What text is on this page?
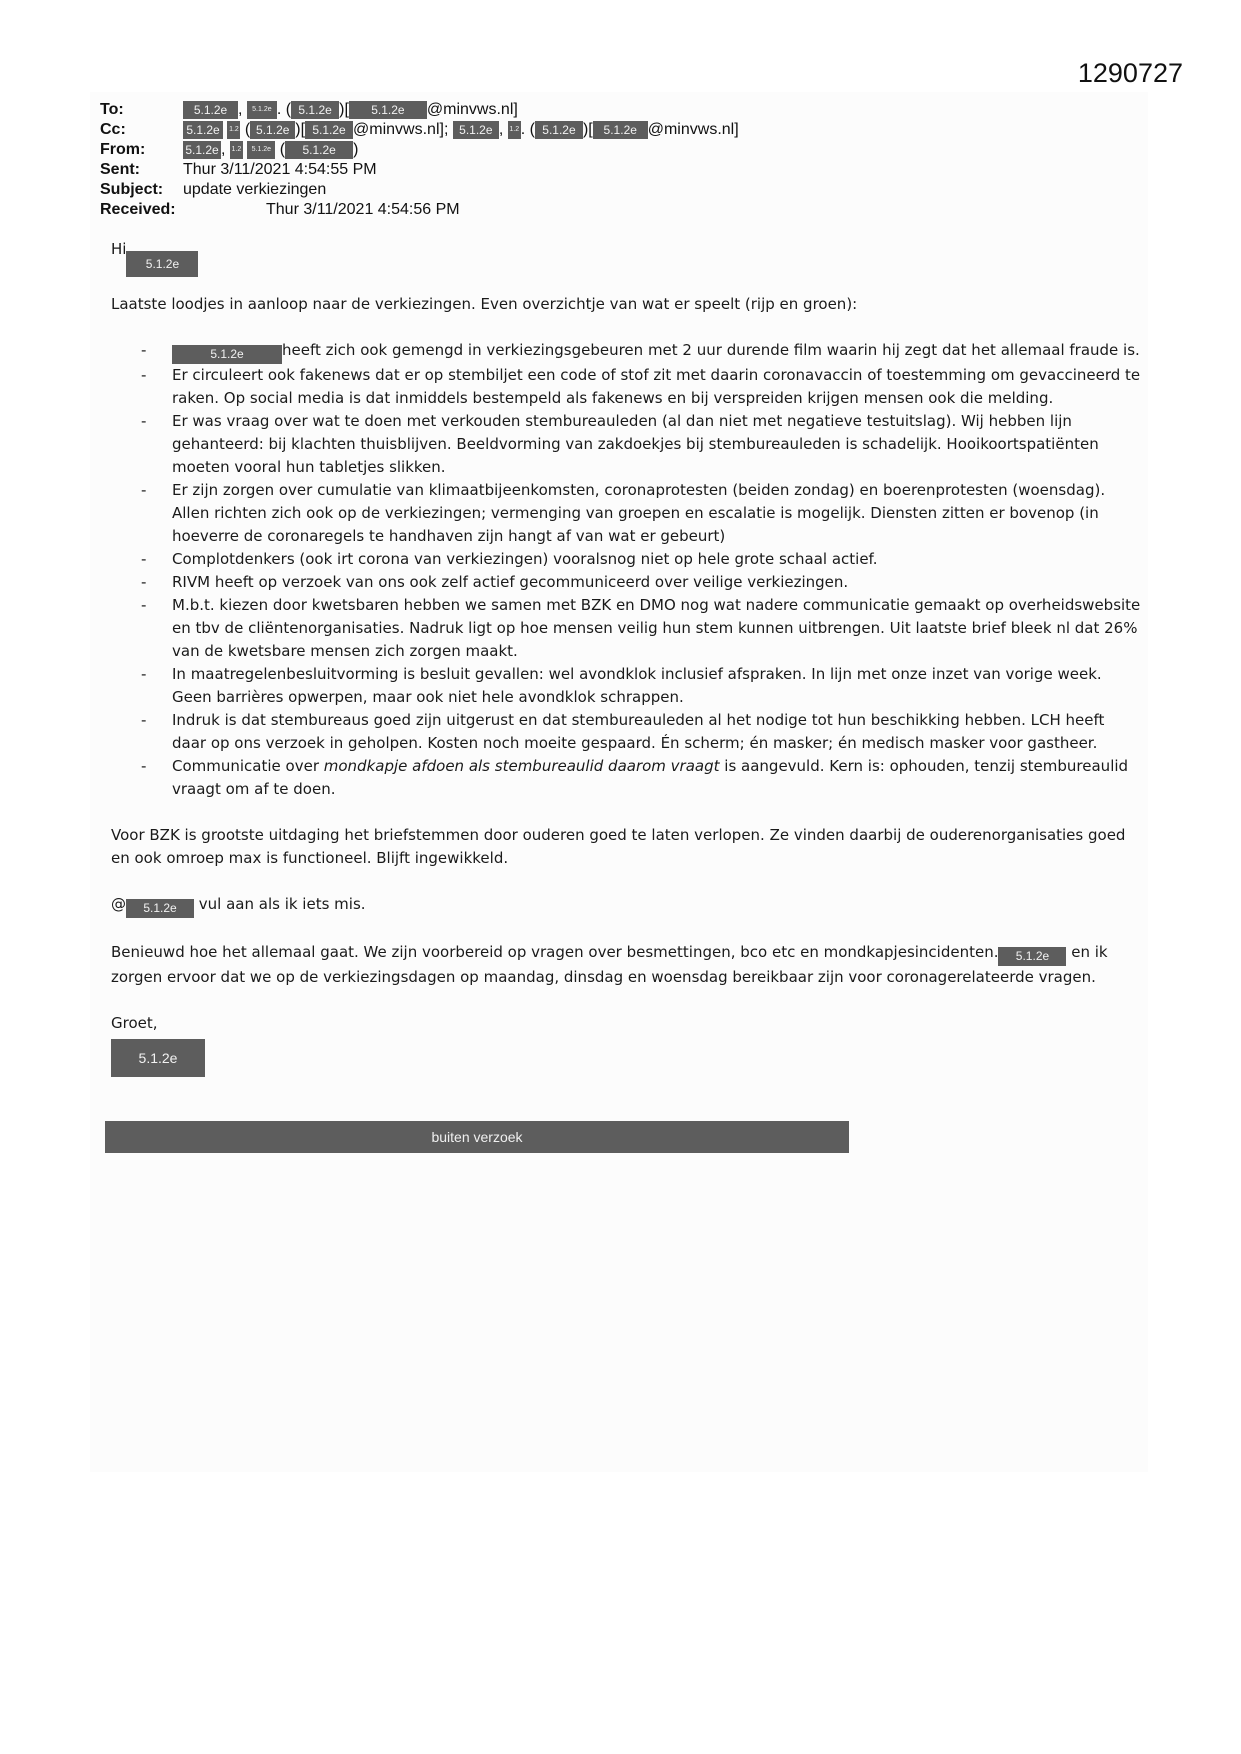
1290727
To:	5.1.2e , 5.1.2e . ( 5.1.2e )[	5.1.2e	@minvws.nl]
Cc:	5.1.2e
	1.2 ( 5.1.2e )[ 5.1.2e @minvws.nl];
5.1.2e , 1.2 . ( 5.1.2e )[ 5.1.2e @minvws.nl]
From:	5.1.2e , 1.2
	5.1.2e (	5.1.2e	)
Sent:	Thur 3/11/2021 4:54:55 PM
Subject:	update verkiezingen
Received:	Thur 3/11/2021 4:54:56 PM

Hi5.1.2e

Laatste loodjes in aanloop naar de verkiezingen. Even overzichtje van wat er speelt (rijp en groen):

- 5.1.2e	heeft zich ook gemengd in verkiezingsgebeuren met 2 uur durende film waarin hij zegt dat het allemaal fraude is.
- Er circuleert ook fakenews dat er op stembiljet een code of stof zit met daarin coronavaccin of toestemming om gevaccineerd te raken. Op social media is dat inmiddels bestempeld als fakenews en bij verspreiden krijgen mensen ook die melding.
- Er was vraag over wat te doen met verkouden stembureauleden (al dan niet met negatieve testuitslag). Wij hebben lijn gehanteerd: bij klachten thuisblijven. Beeldvorming van zakdoekjes bij stembureauleden is schadelijk. Hooikoortspatiënten moeten vooral hun tabletjes slikken.
- Er zijn zorgen over cumulatie van klimaatbijeenkomsten, coronaprotesten (beiden zondag) en boerenprotesten (woensdag). Allen richten zich ook op de verkiezingen; vermenging van groepen en escalatie is mogelijk. Diensten zitten er bovenop (in hoeverre de coronaregels te handhaven zijn hangt af van wat er gebeurt)
- Complotdenkers (ook irt corona van verkiezingen) vooralsnog niet op hele grote schaal actief.
- RIVM heeft op verzoek van ons ook zelf actief gecommuniceerd over veilige verkiezingen.
- M.b.t. kiezen door kwetsbaren hebben we samen met BZK en DMO nog wat nadere communicatie gemaakt op overheidswebsite en tbv de cliëntenorganisaties. Nadruk ligt op hoe mensen veilig hun stem kunnen uitbrengen. Uit laatste brief bleek nl dat 26% van de kwetsbare mensen zich zorgen maakt.
- In maatregelenbesluitvorming is besluit gevallen: wel avondklok inclusief afspraken. In lijn met onze inzet van vorige week. Geen barrières opwerpen, maar ook niet hele avondklok schrappen.
- Indruk is dat stembureaus goed zijn uitgerust en dat stembureauleden al het nodige tot hun beschikking hebben. LCH heeft daar op ons verzoek in geholpen. Kosten noch moeite gespaard. Én scherm; én masker; én medisch masker voor gastheer.
- Communicatie over mondkapje afdoen als stembureaulid daarom vraagt is aangevuld. Kern is: ophouden, tenzij stembureaulid vraagt om af te doen.

Voor BZK is grootste uitdaging het briefstemmen door ouderen goed te laten verlopen. Ze vinden daarbij de ouderenorganisaties goed en ook omroep max is functioneel. Blijft ingewikkeld.

@ 5.1.2e vul aan als ik iets mis.

Benieuwd hoe het allemaal gaat. We zijn voorbereid op vragen over besmettingen, bco etc en mondkapjesincidenten. 5.1.2e en ik zorgen ervoor dat we op de verkiezingsdagen op maandag, dinsdag en woensdag bereikbaar zijn voor coronagerelateerde vragen.

Groet,

5.1.2e
buiten verzoek
